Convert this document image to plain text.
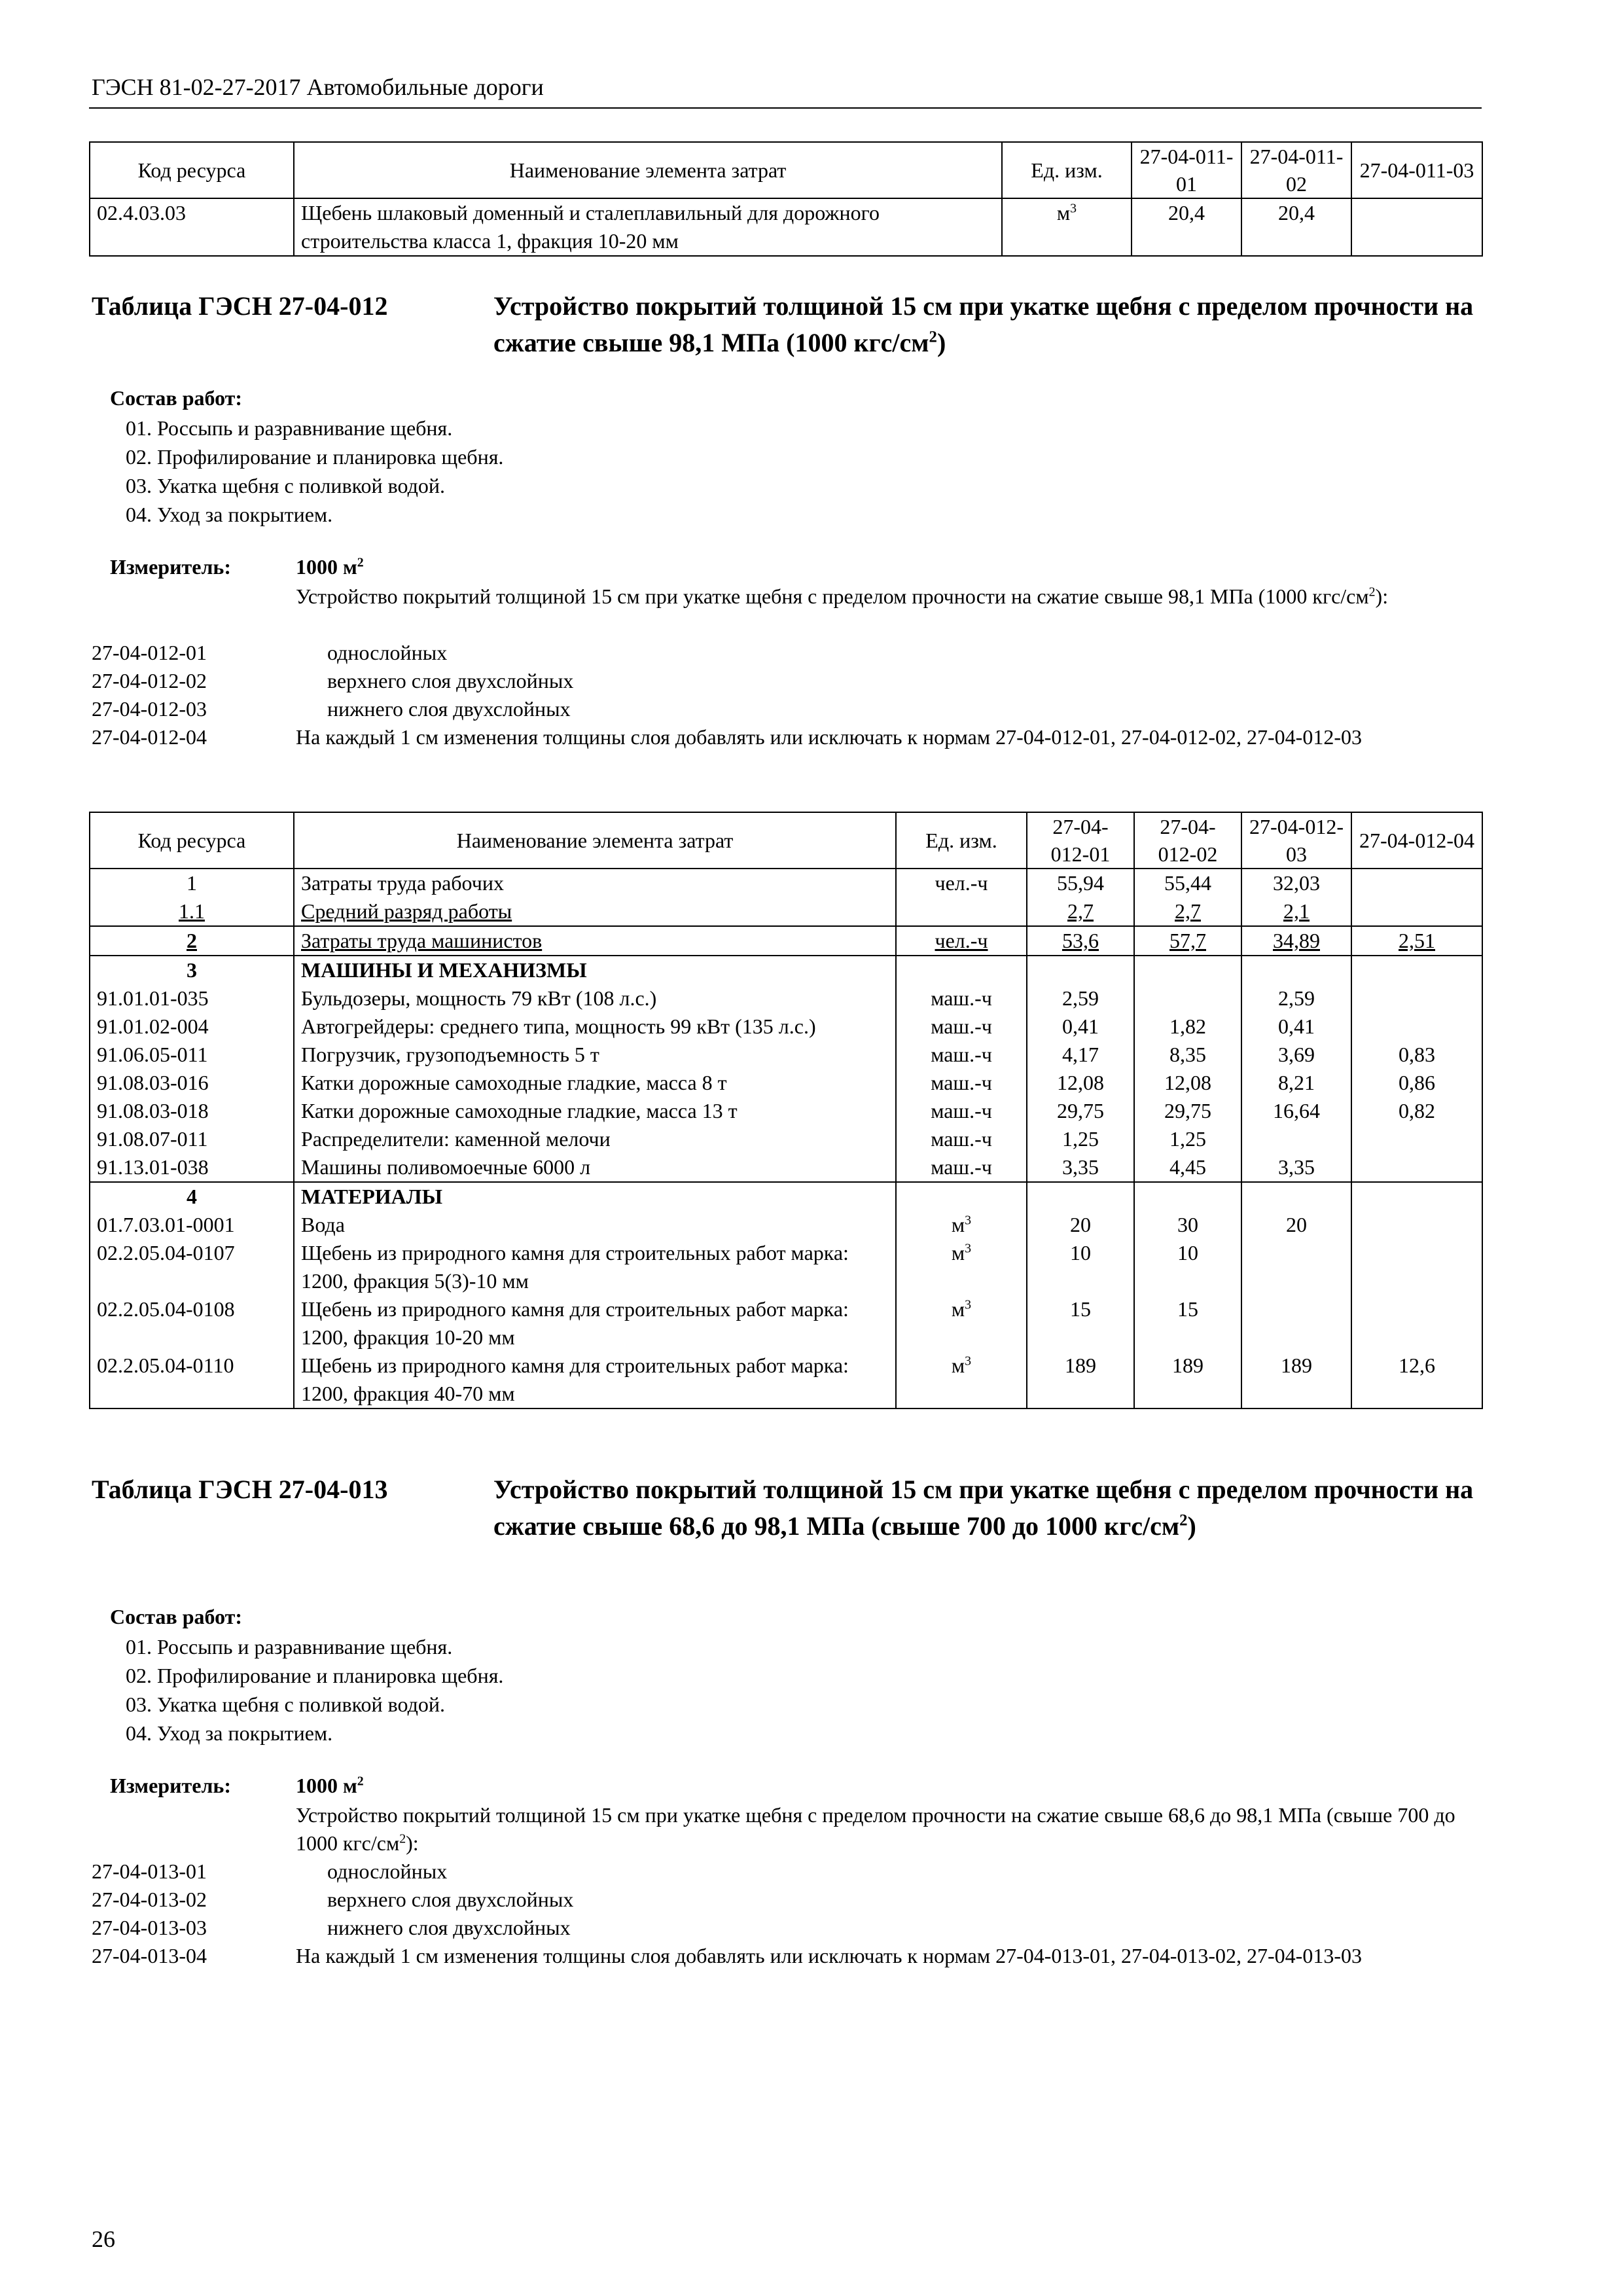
ГЭСН 81-02-27-2017 Автомобильные дороги
Код ресурса	Наименование элемента затрат	Ед. изм.	27-04-011-01	27-04-011-02	27-04-011-03
02.4.03.03	Щебень шлаковый доменный и сталеплавильный для дорожного строительства класса 1, фракция 10-20 мм	$м^3$	20,4	20,4	
Таблица ГЭСН 27-04-012	Устройство покрытий толщиной 15 см при укатке щебня с пределом прочности на сжатие свыше 98,1 МПа (1000 кгс/$см^2$)
Состав работ:
01. Россыпь и разравнивание щебня.
02. Профилирование и планировка щебня.
03. Укатка щебня с поливкой водой.
04. Уход за покрытием.
Измеритель:	1000 $м^2$
Устройство покрытий толщиной 15 см при укатке щебня с пределом прочности на сжатие свыше 98,1 МПа (1000 кгс/$см^2$):
27-04-012-01	однослойных
27-04-012-02	верхнего слоя двухслойных
27-04-012-03	нижнего слоя двухслойных
27-04-012-04	На каждый 1 см изменения толщины слоя добавлять или исключать к нормам 27-04-012-01, 27-04-012-02, 27-04-012-03
Код ресурса	Наименование элемента затрат	Ед. изм.	27-04-012-01	27-04-012-02	27-04-012-03	27-04-012-04
1	Затраты труда рабочих	чел.-ч	55,94	55,44	32,03	
1.1	Средний разряд работы		2,7	2,7	2,1	
2	Затраты труда машинистов	чел.-ч	53,6	57,7	34,89	2,51
3	МАШИНЫ И МЕХАНИЗМЫ					
91.01.01-035	Бульдозеры, мощность 79 кВт (108 л.с.)	маш.-ч	2,59		2,59	
91.01.02-004	Автогрейдеры: среднего типа, мощность 99 кВт (135 л.с.)	маш.-ч	0,41	1,82	0,41	
91.06.05-011	Погрузчик, грузоподъемность 5 т	маш.-ч	4,17	8,35	3,69	0,83
91.08.03-016	Катки дорожные самоходные гладкие, масса 8 т	маш.-ч	12,08	12,08	8,21	0,86
91.08.03-018	Катки дорожные самоходные гладкие, масса 13 т	маш.-ч	29,75	29,75	16,64	0,82
91.08.07-011	Распределители: каменной мелочи	маш.-ч	1,25	1,25		
91.13.01-038	Машины поливомоечные 6000 л	маш.-ч	3,35	4,45	3,35	
4	МАТЕРИАЛЫ					
01.7.03.01-0001	Вода	$м^3$	20	30	20	
02.2.05.04-0107	Щебень из природного камня для строительных работ марка: 1200, фракция 5(3)-10 мм	$м^3$	10	10		
02.2.05.04-0108	Щебень из природного камня для строительных работ марка: 1200, фракция 10-20 мм	$м^3$	15	15		
02.2.05.04-0110	Щебень из природного камня для строительных работ марка: 1200, фракция 40-70 мм	$м^3$	189	189	189	12,6
Таблица ГЭСН 27-04-013	Устройство покрытий толщиной 15 см при укатке щебня с пределом прочности на сжатие свыше 68,6 до 98,1 МПа (свыше 700 до 1000 кгс/$см^2$)
Состав работ:
01. Россыпь и разравнивание щебня.
02. Профилирование и планировка щебня.
03. Укатка щебня с поливкой водой.
04. Уход за покрытием.
Измеритель:	1000 $м^2$
Устройство покрытий толщиной 15 см при укатке щебня с пределом прочности на сжатие свыше 68,6 до 98,1 МПа (свыше 700 до 1000 кгс/$см^2$):
27-04-013-01	однослойных
27-04-013-02	верхнего слоя двухслойных
27-04-013-03	нижнего слоя двухслойных
27-04-013-04	На каждый 1 см изменения толщины слоя добавлять или исключать к нормам 27-04-013-01, 27-04-013-02, 27-04-013-03
26
